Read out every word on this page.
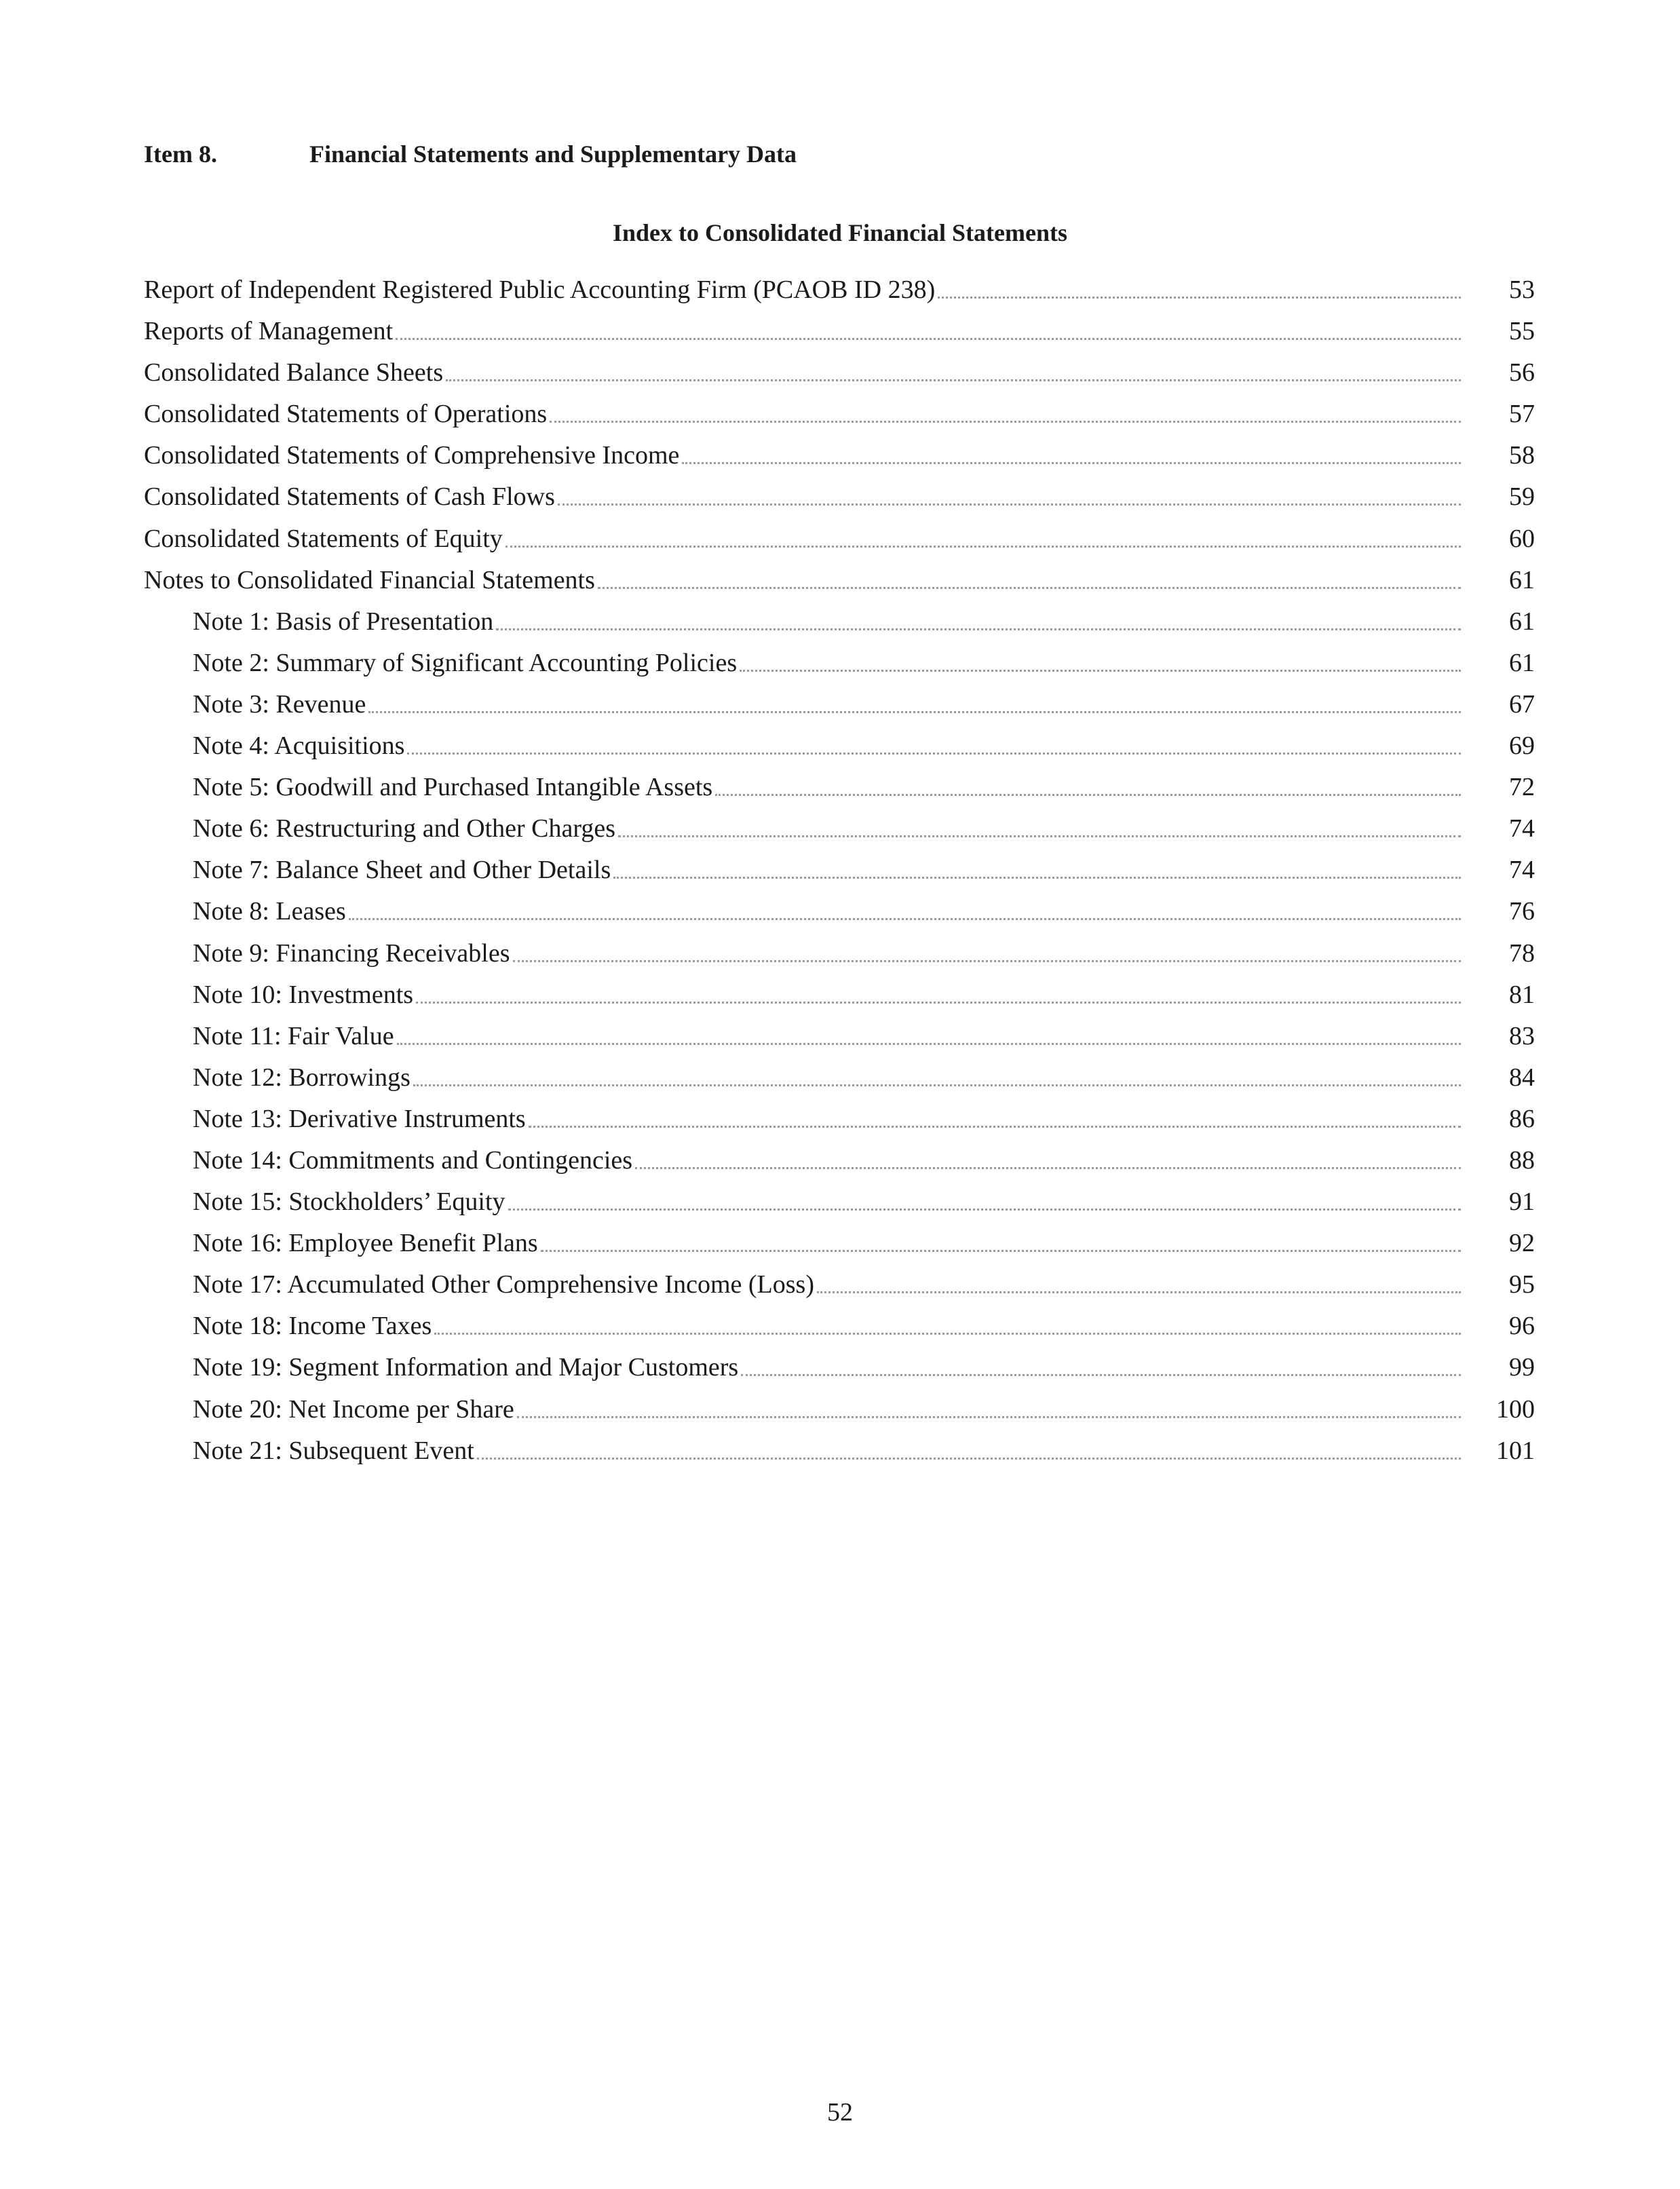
Item 8.	Financial Statements and Supplementary Data
Index to Consolidated Financial Statements
Report of Independent Registered Public Accounting Firm (PCAOB ID 238)	53
Reports of Management	55
Consolidated Balance Sheets	56
Consolidated Statements of Operations	57
Consolidated Statements of Comprehensive Income	58
Consolidated Statements of Cash Flows	59
Consolidated Statements of Equity	60
Notes to Consolidated Financial Statements	61
Note 1: Basis of Presentation	61
Note 2: Summary of Significant Accounting Policies	61
Note 3: Revenue	67
Note 4: Acquisitions	69
Note 5: Goodwill and Purchased Intangible Assets	72
Note 6: Restructuring and Other Charges	74
Note 7: Balance Sheet and Other Details	74
Note 8: Leases	76
Note 9: Financing Receivables	78
Note 10: Investments	81
Note 11: Fair Value	83
Note 12: Borrowings	84
Note 13: Derivative Instruments	86
Note 14: Commitments and Contingencies	88
Note 15: Stockholders’ Equity	91
Note 16: Employee Benefit Plans	92
Note 17: Accumulated Other Comprehensive Income (Loss)	95
Note 18: Income Taxes	96
Note 19: Segment Information and Major Customers	99
Note 20: Net Income per Share	100
Note 21: Subsequent Event	101
52
